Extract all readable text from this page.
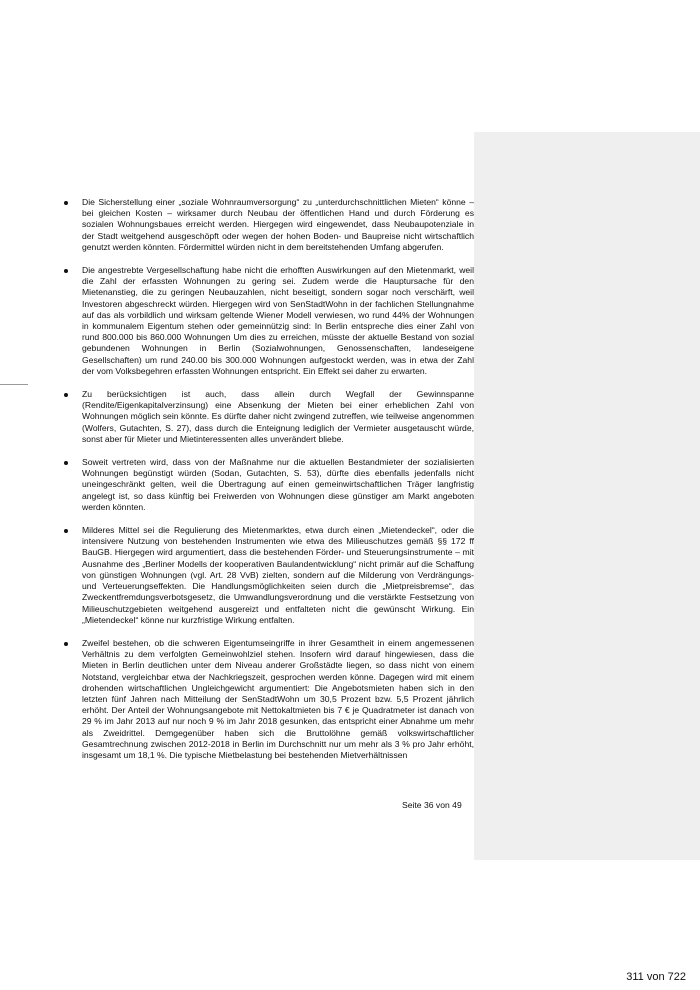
Die Sicherstellung einer „soziale Wohnraumversorgung“ zu „unterdurchschnittlichen Mieten“ könne – bei gleichen Kosten – wirksamer durch Neubau der öffentlichen Hand und durch Förderung es sozialen Wohnungsbaues erreicht werden. Hiergegen wird eingewendet, dass Neubaupotenziale in der Stadt weitgehend ausgeschöpft oder wegen der hohen Boden- und Baupreise nicht wirtschaftlich genutzt werden könnten. Fördermittel würden nicht in dem bereitstehenden Umfang abgerufen.
Die angestrebte Vergesellschaftung habe nicht die erhofften Auswirkungen auf den Mietenmarkt, weil die Zahl der erfassten Wohnungen zu gering sei. Zudem werde die Hauptursache für den Mietenanstieg, die zu geringen Neubauzahlen, nicht beseitigt, sondern sogar noch verschärft, weil Investoren abgeschreckt würden. Hiergegen wird von SenStadtWohn in der fachlichen Stellungnahme auf das als vorbildlich und wirksam geltende Wiener Modell verwiesen, wo rund 44% der Wohnungen in kommunalem Eigentum stehen oder gemeinnützig sind: In Berlin entspreche dies einer Zahl von rund 800.000 bis 860.000 Wohnungen Um dies zu erreichen, müsste der aktuelle Bestand von sozial gebundenen Wohnungen in Berlin (Sozialwohnungen, Genossenschaften, landeseigene Gesellschaften) um rund 240.00 bis 300.000 Wohnungen aufgestockt werden, was in etwa der Zahl der vom Volksbegehren erfassten Wohnungen entspricht. Ein Effekt sei daher zu erwarten.
Zu berücksichtigen ist auch, dass allein durch Wegfall der Gewinnspanne (Rendite/Eigenkapitalverzinsung) eine Absenkung der Mieten bei einer erheblichen Zahl von Wohnungen möglich sein könnte. Es dürfte daher nicht zwingend zutreffen, wie teilweise angenommen (Wolfers, Gutachten, S. 27), dass durch die Enteignung lediglich der Vermieter ausgetauscht würde, sonst aber für Mieter und Mietinteressenten alles unverändert bliebe.
Soweit vertreten wird, dass von der Maßnahme nur die aktuellen Bestandmieter der sozialisierten Wohnungen begünstigt würden (Sodan, Gutachten, S. 53), dürfte dies ebenfalls jedenfalls nicht uneingeschränkt gelten, weil die Übertragung auf einen gemeinwirtschaftlichen Träger langfristig angelegt ist, so dass künftig bei Freiwerden von Wohnungen diese günstiger am Markt angeboten werden könnten.
Milderes Mittel sei die Regulierung des Mietenmarktes, etwa durch einen „Mietendeckel“, oder die intensivere Nutzung von bestehenden Instrumenten wie etwa des Milieuschutzes gemäß §§ 172 ff BauGB. Hiergegen wird argumentiert, dass die bestehenden Förder- und Steuerungsinstrumente – mit Ausnahme des „Berliner Modells der kooperativen Baulandentwicklung“ nicht primär auf die Schaffung von günstigen Wohnungen (vgl. Art. 28 VvB) zielten, sondern auf die Milderung von Verdrängungs- und Verteuerungseffekten. Die Handlungsmöglichkeiten seien durch die „Mietpreisbremse“, das Zweckentfremdungsverbotsgesetz, die Umwandlungsverordnung und die verstärkte Festsetzung von Milieuschutzgebieten weitgehend ausgereizt und entfalteten nicht die gewünscht Wirkung. Ein „Mietendeckel“ könne nur kurzfristige Wirkung entfalten.
Zweifel bestehen, ob die schweren Eigentumseingriffe in ihrer Gesamtheit in einem angemessenen Verhältnis zu dem verfolgten Gemeinwohlziel stehen. Insofern wird darauf hingewiesen, dass die Mieten in Berlin deutlichen unter dem Niveau anderer Großstädte liegen, so dass nicht von einem Notstand, vergleichbar etwa der Nachkriegszeit, gesprochen werden könne. Dagegen wird mit einem drohenden wirtschaftlichen Ungleichgewicht argumentiert: Die Angebotsmieten haben sich in den letzten fünf Jahren nach Mitteilung der SenStadtWohn um 30,5 Prozent bzw. 5,5 Prozent jährlich erhöht. Der Anteil der Wohnungsangebote mit Nettokaltmieten bis 7 € je Quadratmeter ist danach von 29 % im Jahr 2013 auf nur noch 9 % im Jahr 2018 gesunken, das entspricht einer Abnahme um mehr als Zweidrittel. Demgegenüber haben sich die Bruttolöhne gemäß volkswirtschaftlicher Gesamtrechnung zwischen 2012-2018 in Berlin im Durchschnitt nur um mehr als 3 % pro Jahr erhöht, insgesamt um 18,1 %. Die typische Mietbelastung bei bestehenden Mietverhältnissen
Seite 36 von 49
311 von 722
